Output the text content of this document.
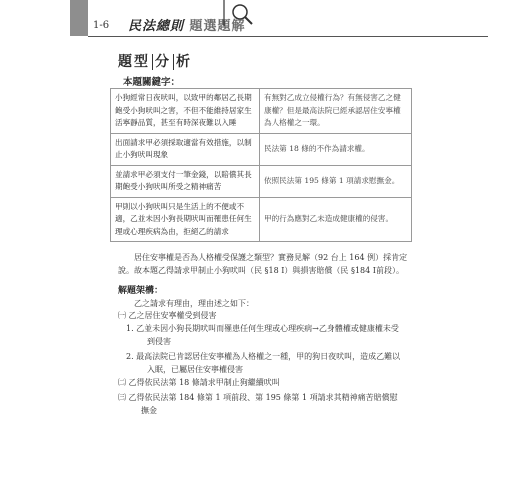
1-6 民法總則 題選題解
題型 分 析
本題關鍵字：
小狗經常日夜吠叫，以致甲的鄰居乙長期飽受小狗吠叫之害，不但不能維持居家生活寧靜品質，甚至有時深夜難以入睡	有無對乙成立侵權行為？有無侵害乙之健康權？但是最高法院已經承認居住安寧權為人格權之一環。
出面請求甲必須採取適當有效措施，以制止小狗吠叫現象	民法第 18 條的不作為請求權。
並請求甲必須支付一筆金錢，以賠償其長期飽受小狗吠叫所受之精神痛苦	依照民法第 195 條第 1 項請求慰撫金。
甲則以小狗吠叫只是生活上的不便或不適，乙並未因小狗長期吠叫而罹患任何生理或心理疾病為由，拒絕乙的請求	甲的行為應對乙未造成健康權的侵害。
居住安寧權是否為人格權受保護之類型？實務見解（92 台上 164 例）採肯定說。故本題乙得請求甲制止小狗吠叫（民 §18 Ⅰ）與損害賠償（民 §184 Ⅰ前段）。
解題架構：
乙之請求有理由，理由述之如下：
㈠ 乙之居住安寧權受到侵害
1. 乙並未因小狗長期吠叫而罹患任何生理或心理疾病→乙身體權或健康權未受
到侵害
2. 最高法院已肯認居住安寧權為人格權之一種，甲的狗日夜吠叫，造成乙難以
入眠，已屬居住安寧權侵害
㈡ 乙得依民法第 18 條請求甲制止狗繼續吠叫
㈢ 乙得依民法第 184 條第 1 項前段、第 195 條第 1 項請求其精神痛苦賠償慰
撫金
